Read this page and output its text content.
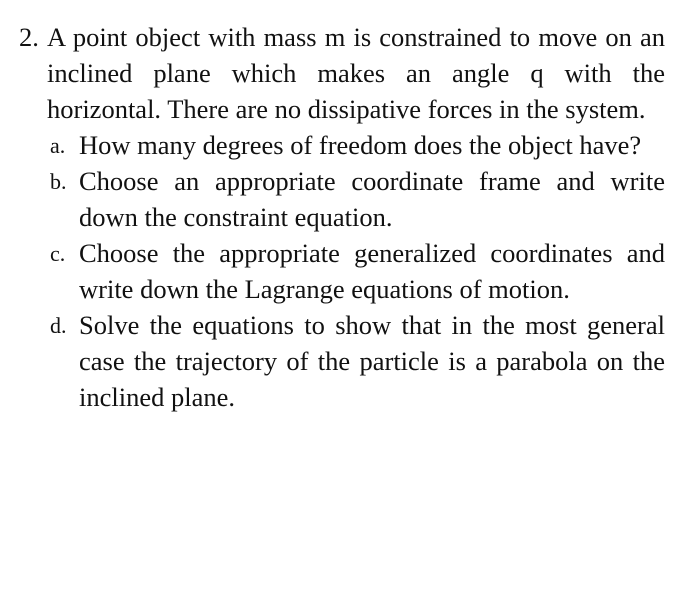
2. A point object with mass m is constrained to move on an inclined plane which makes an angle q with the horizontal. There are no dissipative forces in the system.
a. How many degrees of freedom does the object have?
b. Choose an appropriate coordinate frame and write down the constraint equation.
c. Choose the appropriate generalized coordinates and write down the Lagrange equations of motion.
d. Solve the equations to show that in the most general case the trajectory of the particle is a parabola on the inclined plane.
